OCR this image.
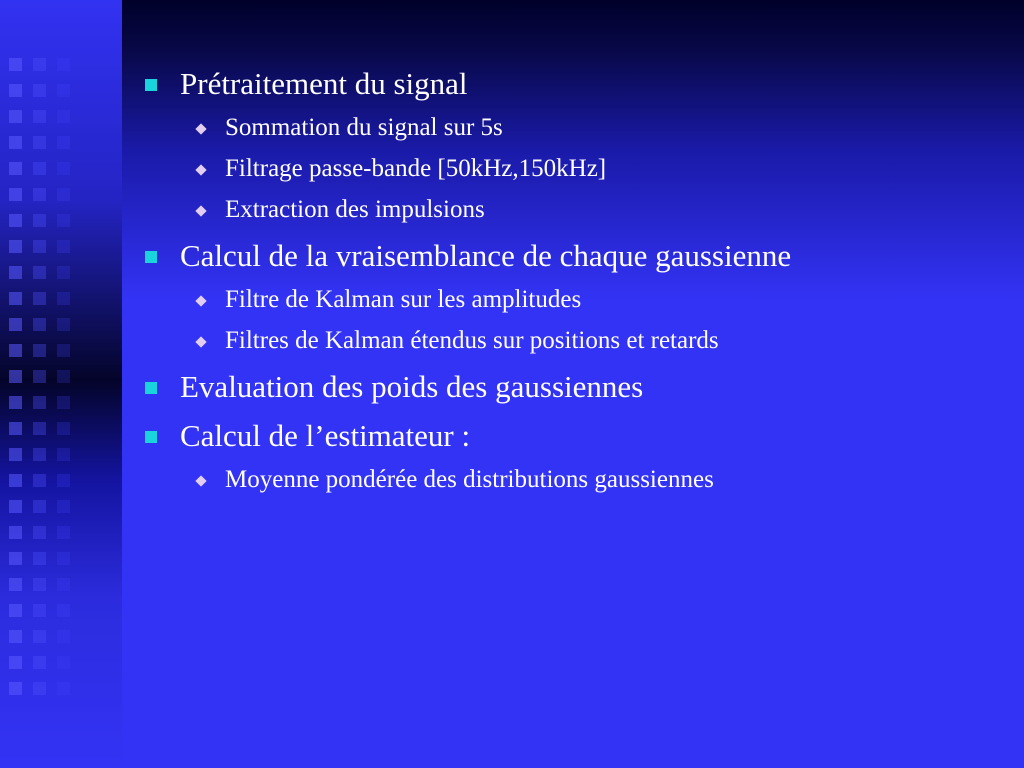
Prétraitement du signal
Sommation du signal sur 5s
Filtrage passe-bande [50kHz,150kHz]
Extraction des impulsions
Calcul de la vraisemblance de chaque gaussienne
Filtre de Kalman sur les amplitudes
Filtres de Kalman étendus sur positions et retards
Evaluation des poids des gaussiennes
Calcul de l’estimateur :
Moyenne pondérée des distributions gaussiennes
